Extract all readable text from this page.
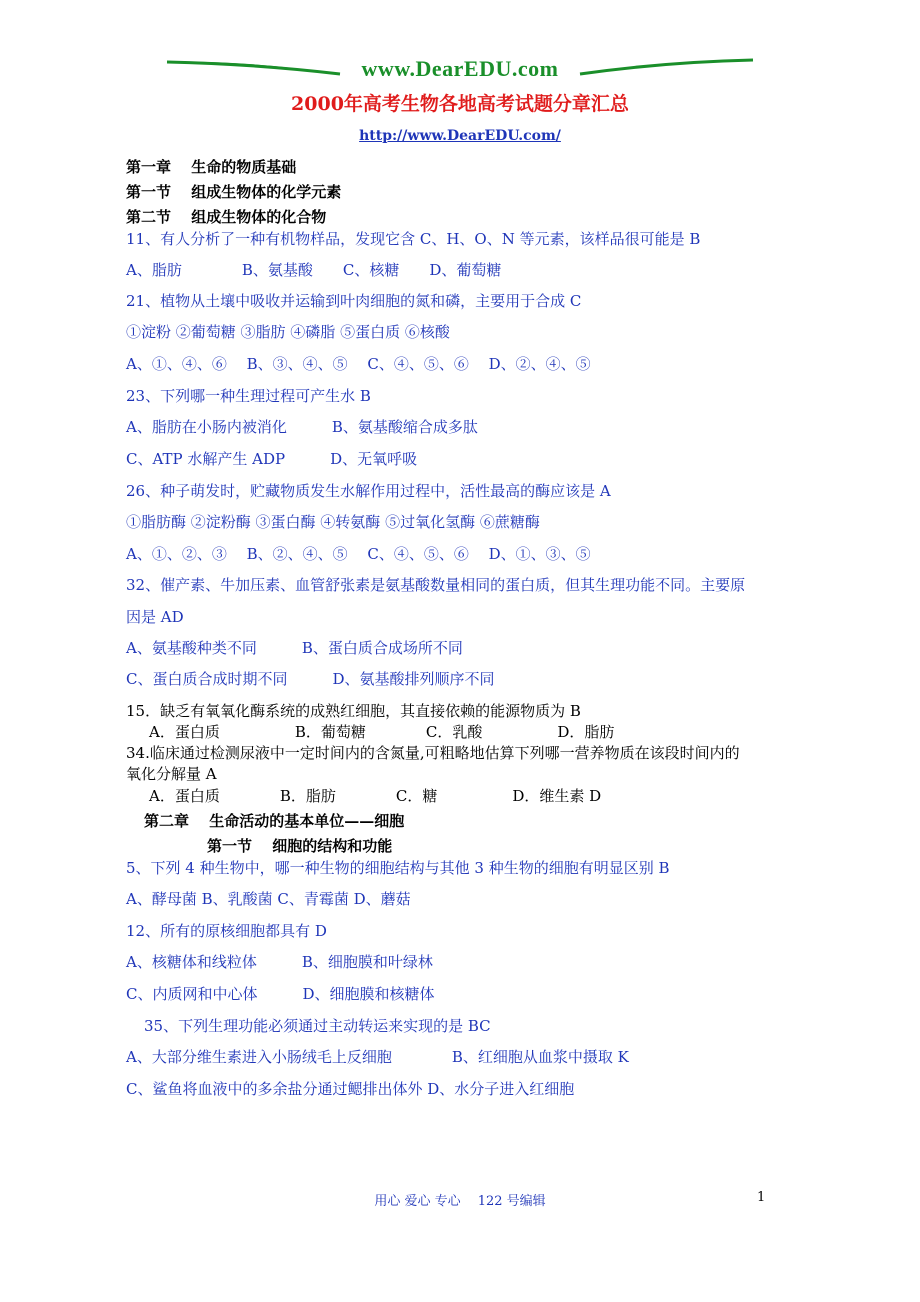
www.DearEDU.com
2000年高考生物各地高考试题分章汇总
http://www.DearEDU.com/
第一章　 生命的物质基础
第一节　 组成生物体的化学元素
第二节　 组成生物体的化合物
11、有人分析了一种有机物样品，发现它含 C、H、O、N 等元素，该样品很可能是 B
A、脂肪　　　　B、氨基酸　　C、核糖　　D、葡萄糖
21、植物从土壤中吸收并运输到叶肉细胞的氮和磷，主要用于合成 C
①淀粉 ②葡萄糖 ③脂肪 ④磷脂 ⑤蛋白质 ⑥核酸
A、①、④、⑥　 B、③、④、⑤　 C、④、⑤、⑥　 D、②、④、⑤
23、下列哪一种生理过程可产生水 B
A、脂肪在小肠内被消化　　　B、氨基酸缩合成多肽
C、ATP 水解产生 ADP　　　D、无氧呼吸
26、种子萌发时，贮藏物质发生水解作用过程中，活性最高的酶应该是 A
①脂肪酶 ②淀粉酶 ③蛋白酶 ④转氨酶 ⑤过氧化氢酶 ⑥蔗糖酶
A、①、②、③　 B、②、④、⑤　 C、④、⑤、⑥　 D、①、③、⑤
32、催产素、牛加压素、血管舒张素是氨基酸数量相同的蛋白质，但其生理功能不同。主要原
因是 AD
A、氨基酸种类不同　　　B、蛋白质合成场所不同
C、蛋白质合成时期不同　　　D、氨基酸排列顺序不同
15．缺乏有氧氧化酶系统的成熟红细胞，其直接依赖的能源物质为 B
A．蛋白质　　　　　B．葡萄糖　　　　C．乳酸　　　　　D．脂肪
34.临床通过检测尿液中一定时间内的含氮量,可粗略地估算下列哪一营养物质在该段时间内的
氧化分解量 A
A．蛋白质　　　　B．脂肪　　　　C．糖　　　　　D．维生素 D
第二章　 生命活动的基本单位——细胞
第一节　 细胞的结构和功能
5、下列 4 种生物中，哪一种生物的细胞结构与其他 3 种生物的细胞有明显区别 B
A、酵母菌 B、乳酸菌 C、青霉菌 D、蘑菇
12、所有的原核细胞都具有 D
A、核糖体和线粒体　　　B、细胞膜和叶绿林
C、内质网和中心体　　　D、细胞膜和核糖体
35、下列生理功能必须通过主动转运来实现的是 BC
A、大部分维生素进入小肠绒毛上反细胞　　　　B、红细胞从血浆中摄取 K
C、鲨鱼将血液中的多余盐分通过鳃排出体外 D、水分子进入红细胞
用心 爱心 专心　 122 号编辑	1
